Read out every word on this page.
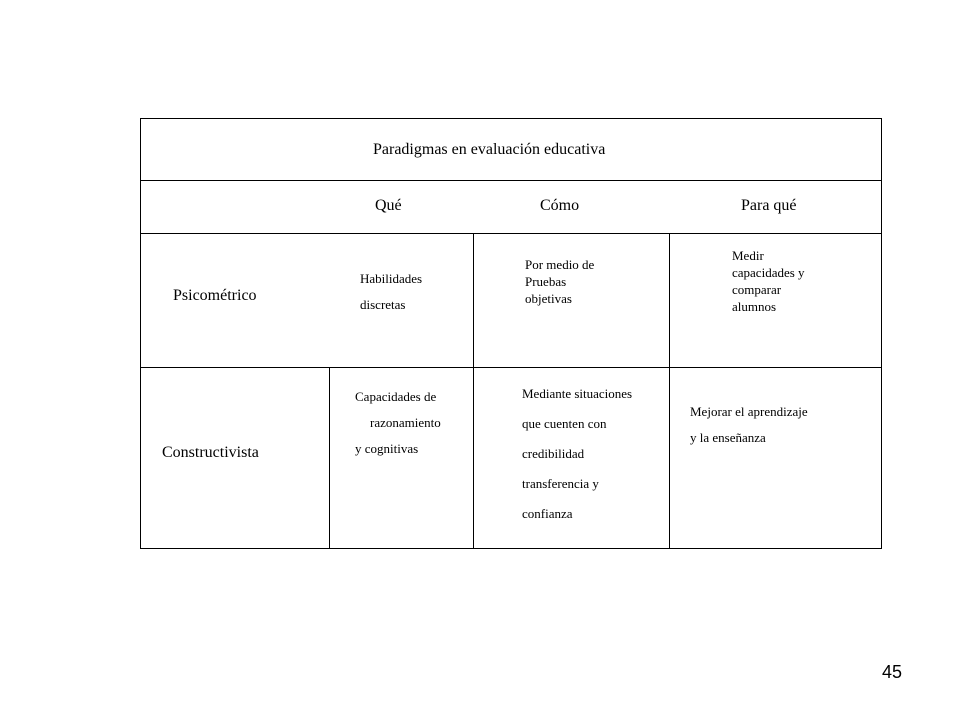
Paradigmas en evaluación educativa
Qué	Cómo	Para qué
Psicométrico
Habilidades
discretas
Por medio de
Pruebas
objetivas
Medir
capacidades y
comparar
alumnos
Constructivista
Capacidades de
razonamiento
y cognitivas
Mediante situaciones
que cuenten con
credibilidad
transferencia y
confianza
Mejorar el aprendizaje
y la enseñanza
45
